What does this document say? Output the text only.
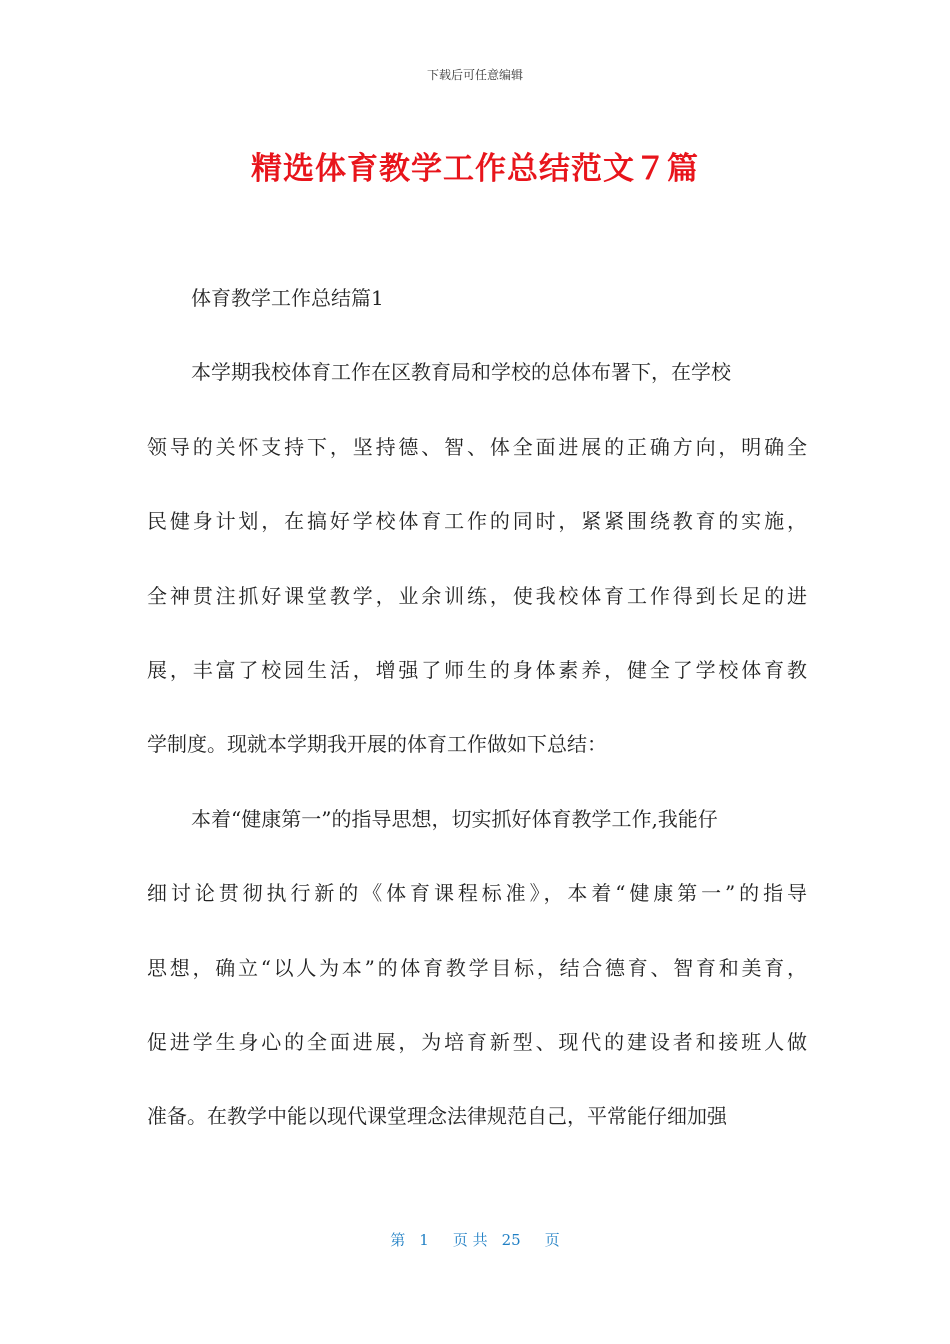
下载后可任意编辑
精选体育教学工作总结范文７篇
体育教学工作总结篇1
本学期我校体育工作在区教育局和学校的总体布署下，在学校
领导的关怀支持下，坚持德、智、体全面进展的正确方向，明确全
民健身计划，在搞好学校体育工作的同时，紧紧围绕教育的实施，
全神贯注抓好课堂教学，业余训练，使我校体育工作得到长足的进
展，丰富了校园生活，增强了师生的身体素养，健全了学校体育教
学制度。现就本学期我开展的体育工作做如下总结：
本着“健康第一”的指导思想，切实抓好体育教学工作,我能仔
细讨论贯彻执行新的《体育课程标准》，本着“健康第一”的指导
思想，确立“以人为本”的体育教学目标，结合德育、智育和美育，
促进学生身心的全面进展，为培育新型、现代的建设者和接班人做
准备。在教学中能以现代课堂理念法律规范自己，平常能仔细加强
第 1 页 共 25 页
